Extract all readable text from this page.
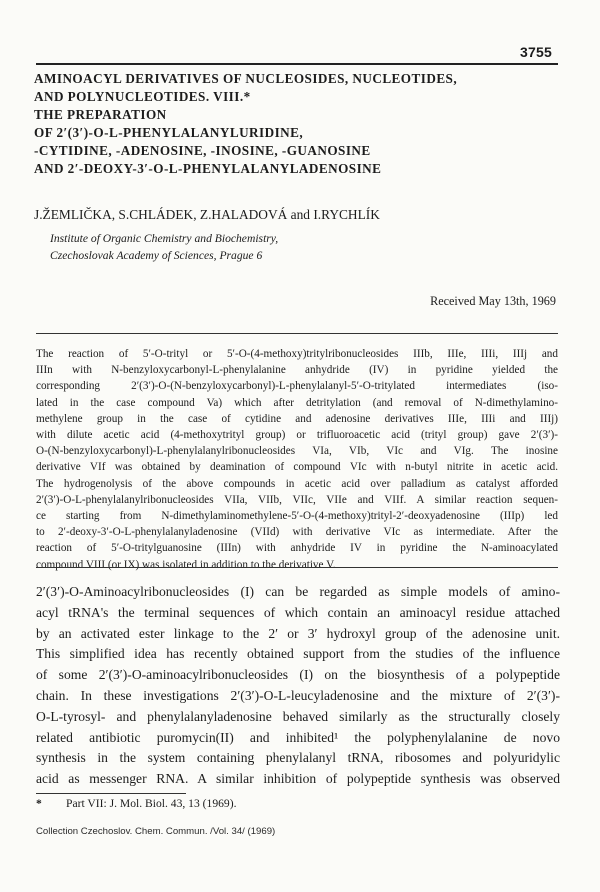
3755
AMINOACYL DERIVATIVES OF NUCLEOSIDES, NUCLEOTIDES,
AND POLYNUCLEOTIDES. VIII.*
THE PREPARATION
OF 2′(3′)-O-L-PHENYLALANYLURIDINE,
-CYTIDINE, -ADENOSINE, -INOSINE, -GUANOSINE
AND 2′-DEOXY-3′-O-L-PHENYLALANYLADENOSINE
J.ŽEMLIČKA, S.CHLÁDEK, Z.HALADOVÁ and I.RYCHLÍK
Institute of Organic Chemistry and Biochemistry,
Czechoslovak Academy of Sciences, Prague 6
Received May 13th, 1969
The reaction of 5′-O-trityl or 5′-O-(4-methoxy)tritylribonucleosides IIIb, IIIe, IIIi, IIIj and
IIIn with N-benzyloxycarbonyl-L-phenylalanine anhydride (IV) in pyridine yielded the
corresponding 2′(3′)-O-(N-benzyloxycarbonyl)-L-phenylalanyl-5′-O-tritylated intermediates (iso-
lated in the case compound Va) which after detritylation (and removal of N-dimethylamino-
methylene group in the case of cytidine and adenosine derivatives IIIe, IIIi and IIIj)
with dilute acetic acid (4-methoxytrityl group) or trifluoroacetic acid (trityl group) gave 2′(3′)-
O-(N-benzyloxycarbonyl)-L-phenylalanylribonucleosides VIa, VIb, VIc and VIg. The inosine
derivative VIf was obtained by deamination of compound VIc with n-butyl nitrite in acetic acid.
The hydrogenolysis of the above compounds in acetic acid over palladium as catalyst afforded
2′(3′)-O-L-phenylalanylribonucleosides VIIa, VIIb, VIIc, VIIe and VIIf. A similar reaction sequen-
ce starting from N-dimethylaminomethylene-5′-O-(4-methoxy)trityl-2′-deoxyadenosine (IIIp) led
to 2′-deoxy-3′-O-L-phenylalanyladenosine (VIId) with derivative VIc as intermediate. After the
reaction of 5′-O-tritylguanosine (IIIn) with anhydride IV in pyridine the N-aminoacylated
compound VIII (or IX) was isolated in addition to the derivative V.
2′(3′)-O-Aminoacylribonucleosides (I) can be regarded as simple models of amino-
acyl tRNA's the terminal sequences of which contain an aminoacyl residue attached
by an activated ester linkage to the 2′ or 3′ hydroxyl group of the adenosine unit.
This simplified idea has recently obtained support from the studies of the influence
of some 2′(3′)-O-aminoacylribonucleosides (I) on the biosynthesis of a polypeptide
chain. In these investigations 2′(3′)-O-L-leucyladenosine and the mixture of 2′(3′)-
O-L-tyrosyl- and phenylalanyladenosine behaved similarly as the structurally closely
related antibiotic puromycin(II) and inhibited¹ the polyphenylalanine de novo
synthesis in the system containing phenylalanyl tRNA, ribosomes and polyuridylic
acid as messenger RNA. A similar inhibition of polypeptide synthesis was observed
* Part VII: J. Mol. Biol. 43, 13 (1969).
Collection Czechoslov. Chem. Commun. /Vol. 34/ (1969)
